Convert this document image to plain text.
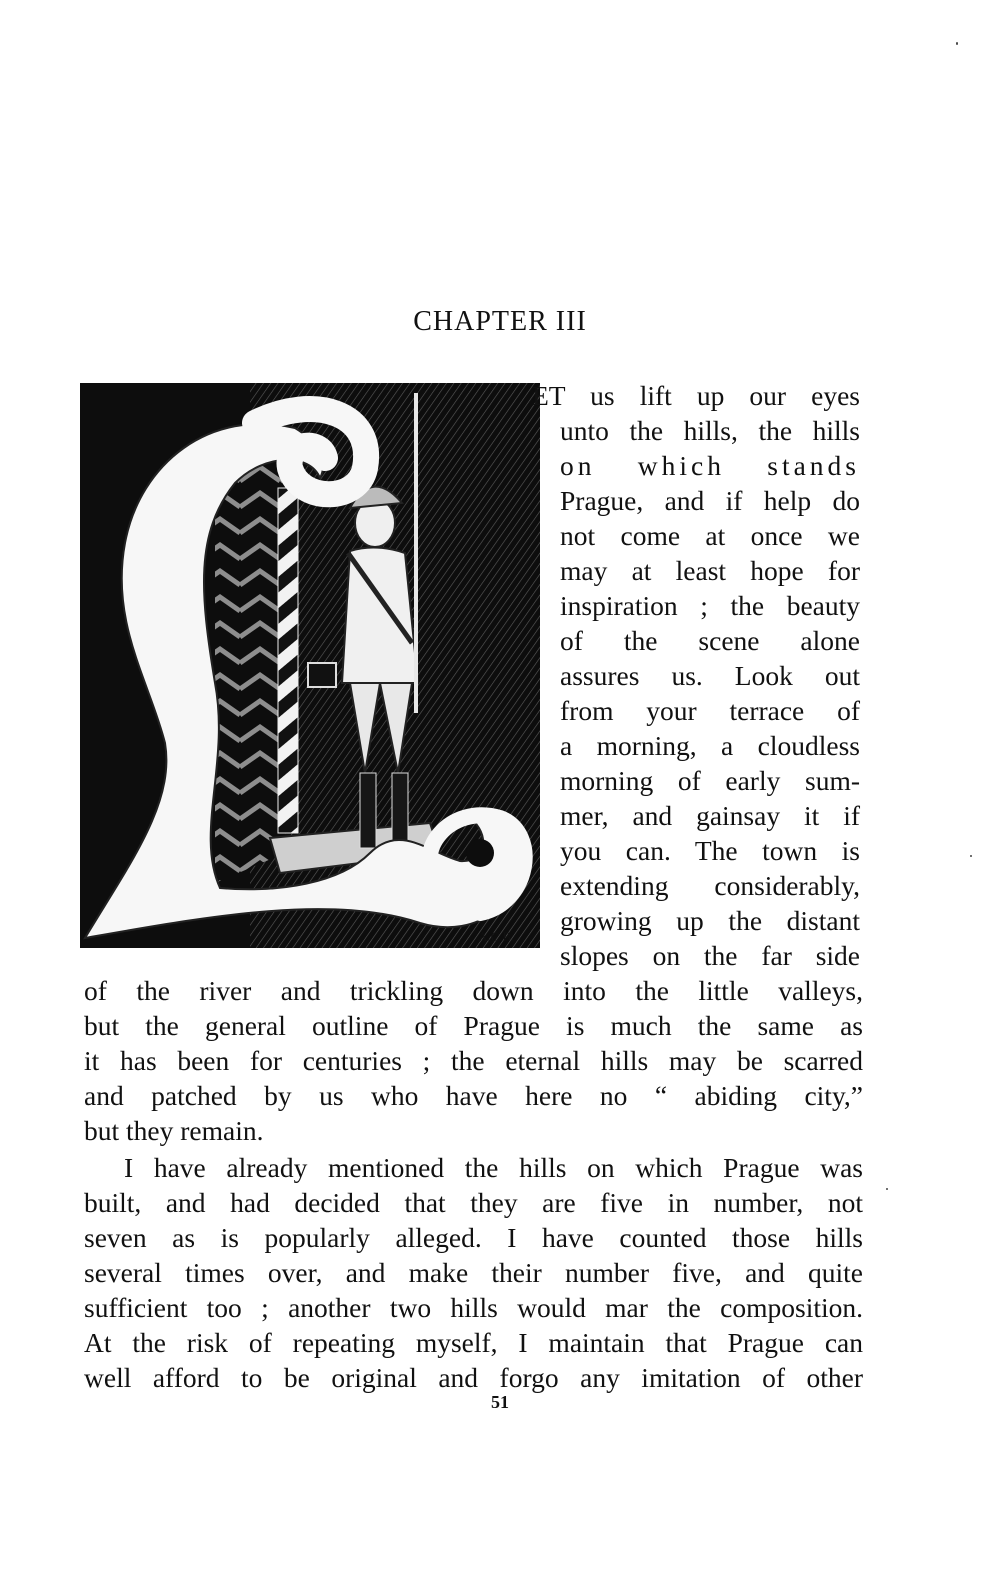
CHAPTER III
A.C.B.
ET us lift up our eyes
unto the hills, the hills
on which stands
Prague, and if help do
not come at once we
may at least hope for
inspiration ; the beauty
of the scene alone
assures us. Look out
from your terrace of
a morning, a cloudless
morning of early sum-
mer, and gainsay it if
you can. The town is
extending considerably,
growing up the distant
slopes on the far side
of the river and trickling down into the little valleys,
but the general outline of Prague is much the same as
it has been for centuries ; the eternal hills may be scarred
and patched by us who have here no “ abiding city,”
but they remain.
I have already mentioned the hills on which Prague was
built, and had decided that they are five in number, not
seven as is popularly alleged. I have counted those hills
several times over, and make their number five, and quite
sufficient too ; another two hills would mar the composition.
At the risk of repeating myself, I maintain that Prague can
well afford to be original and forgo any imitation of other
51
